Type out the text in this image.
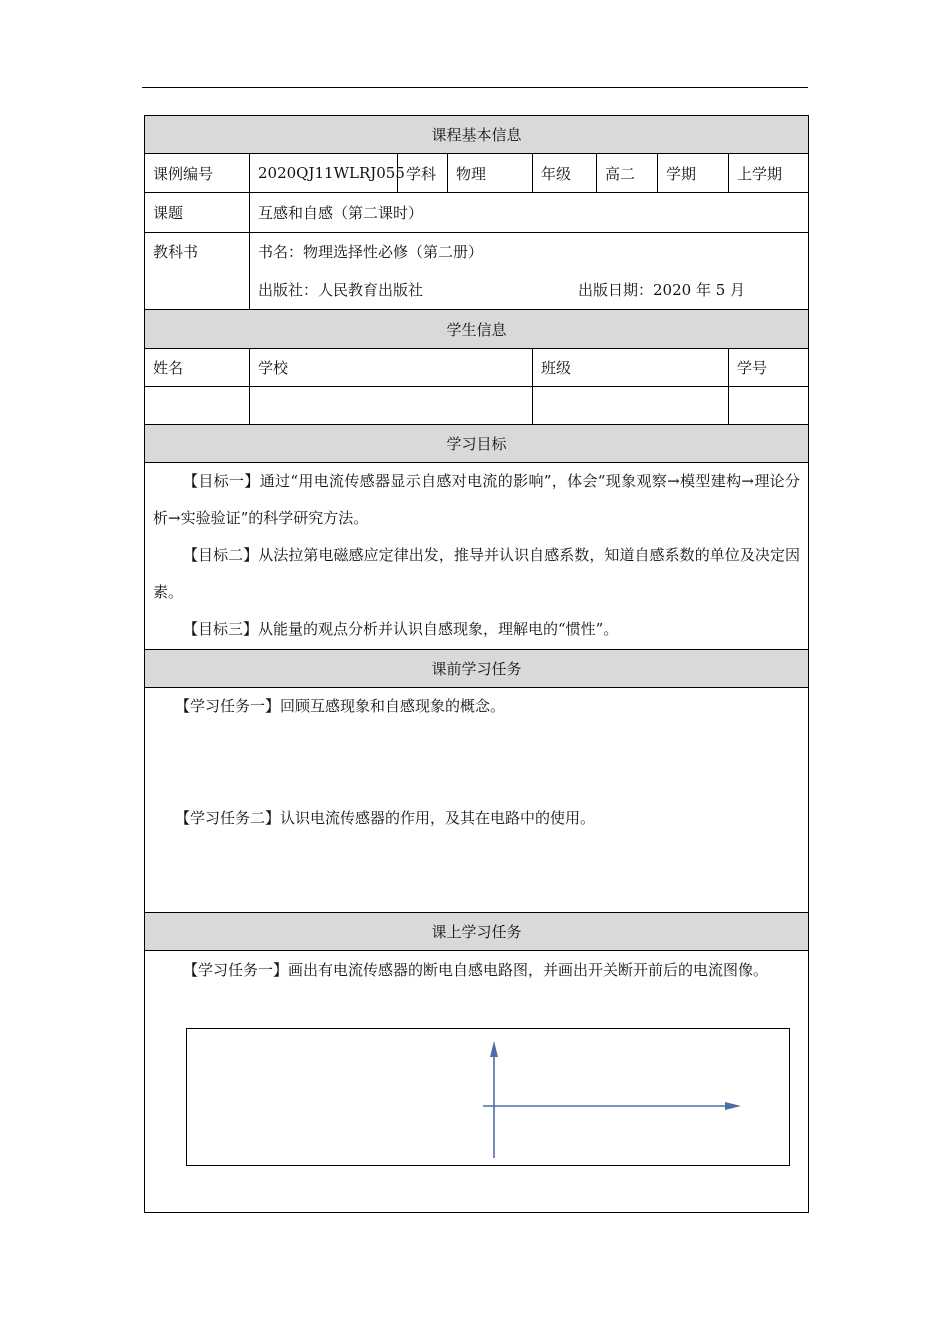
课程基本信息							
课例编号	2020QJ11WLRJ055	学科	物理	年级	高二	学期	上学期
课题	互感和自感（第二课时）						
教科书	书名：物理选择性必修（第二册）
出版社：人民教育出版社 出版日期：2020 年 5 月						

学生信息							
姓名	学校			班级			学号

学习目标							

【目标一】通过“用电流传感器显示自感对电流的影响”，体会“现象观察→模型建构→理论分析→实验验证”的科学研究方法。
【目标二】从法拉第电磁感应定律出发，推导并认识自感系数，知道自感系数的单位及决定因素。
【目标三】从能量的观点分析并认识自感现象，理解电的“惯性”。							

课前学习任务							

【学习任务一】回顾互感现象和自感现象的概念。
【学习任务二】认识电流传感器的作用，及其在电路中的使用。							

课上学习任务							

【学习任务一】画出有电流传感器的断电自感电路图，并画出开关断开前后的电流图像。							
